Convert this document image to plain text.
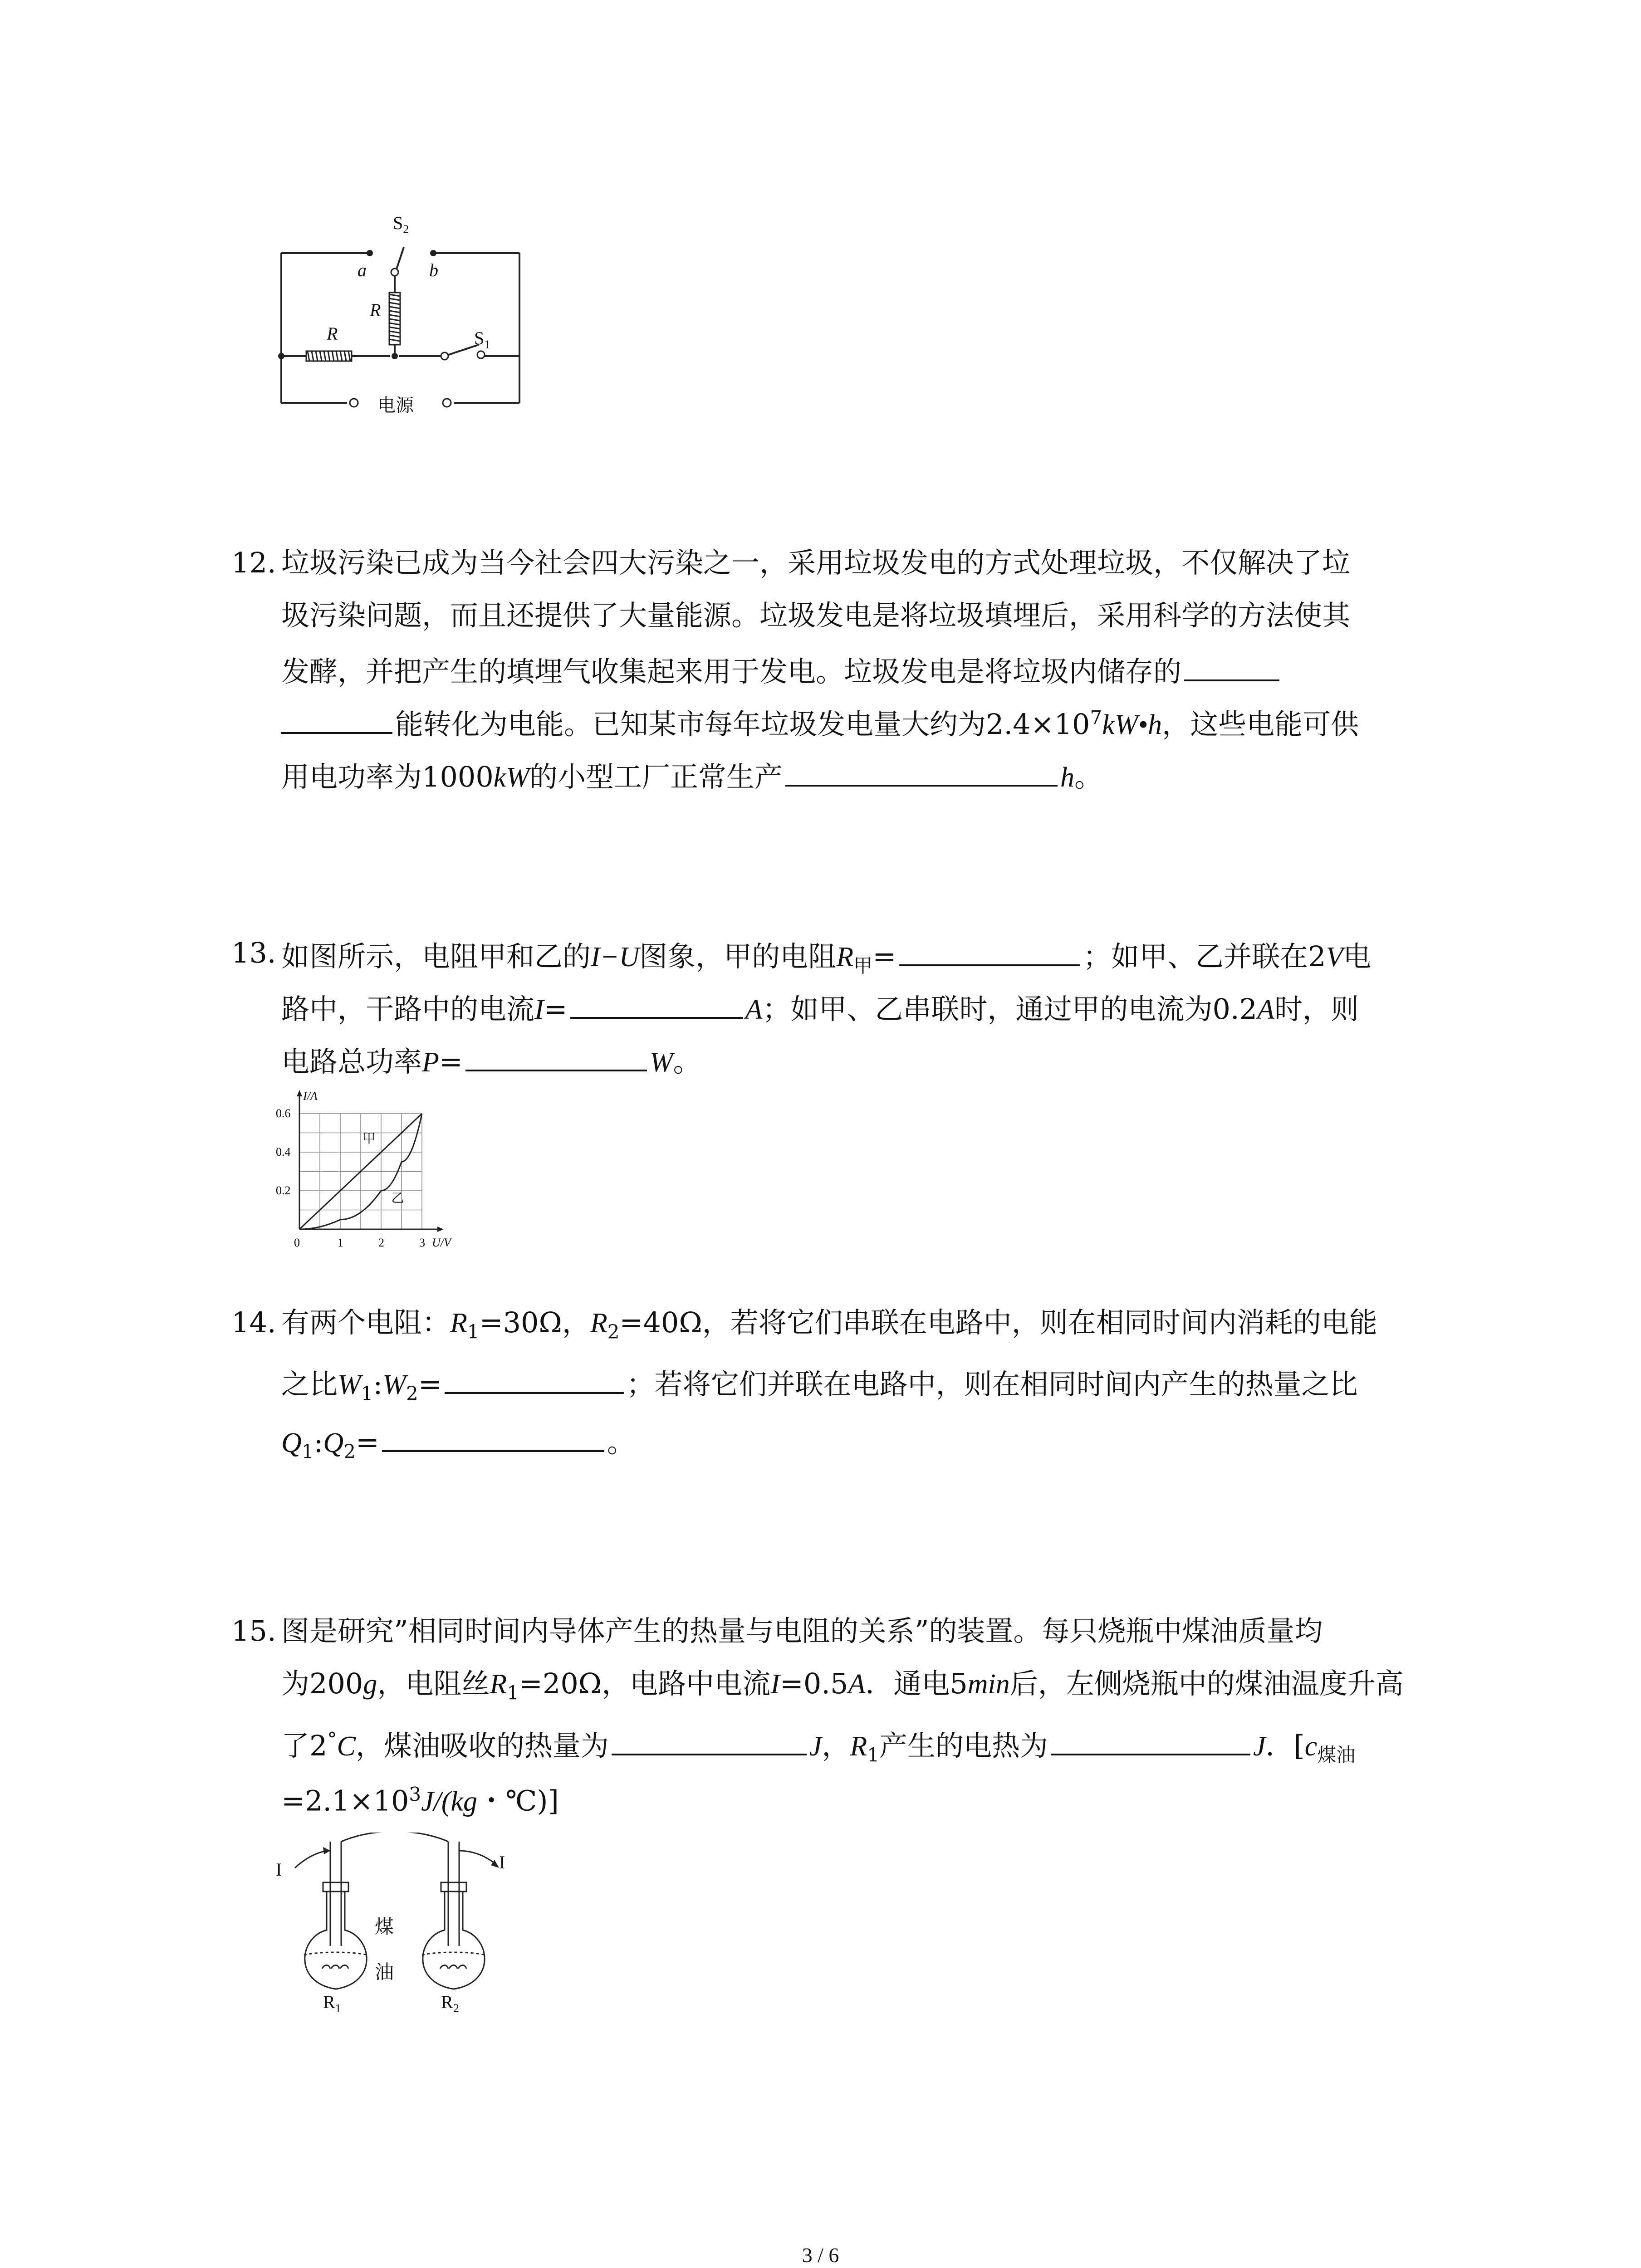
$S_2$
a	b
R
R	$S_1$
电源
12. 垃圾污染已成为当今社会四大污染之一，采用垃圾发电的方式处理垃圾，不仅解决了垃
圾污染问题，而且还提供了大量能源。垃圾发电是将垃圾填埋后，采用科学的方法使其
发酵，并把产生的填埋气收集起来用于发电。垃圾发电是将垃圾内储存的
能转化为电能。已知某市每年垃圾发电量大约为$2.4\times 10^7kW•h$，这些电能可供
用电功率为1000kW的小型工厂正常生产	h。
13. 如图所示，电阻甲和乙的I−U图象，甲的电阻$R_甲=$	；如甲、乙并联在2V电
路中，干路中的电流I=	A；如甲、乙串联时，通过甲的电流为0.2A时，则
电路总功率P=	W。
0	1	2	3
0.2
0.4
0.6
U/V
I/A
甲
乙
14. 有两个电阻：$R_1=30\Omega$，$R_2=40\Omega$，若将它们串联在电路中，则在相同时间内消耗的电能
之比$W_1:W_2=$	；若将它们并联在电路中，则在相同时间内产生的热量之比
$Q_1:Q_2=$	。
15. 图是研究”相同时间内导体产生的热量与电阻的关系”的装置。每只烧瓶中煤油质量均
为200g，电阻丝$R_1=20\Omega$，电路中电流I=0.5A．通电5min后，左侧烧瓶中的煤油温度升高
了2°C，煤油吸收的热量为	J，$R_1$产生的电热为	J．[$c_{煤油}$
$=2.1\times 10^3J/(kg$・℃)]
I	I
煤
油
$R_1$	$R_2$
3 / 6
